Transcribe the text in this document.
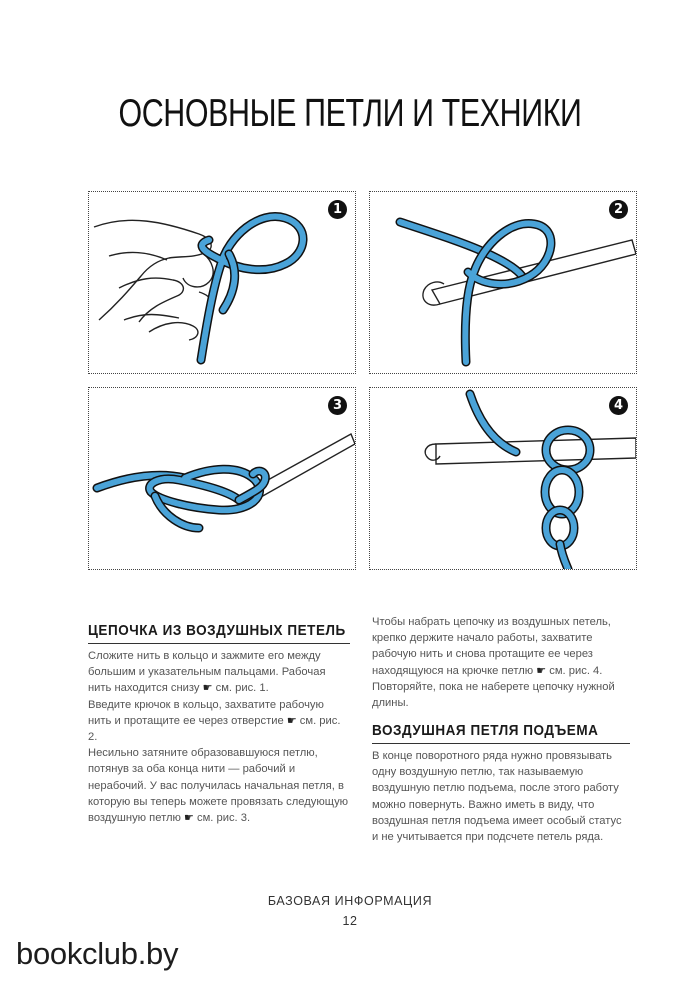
ОСНОВНЫЕ ПЕТЛИ И ТЕХНИКИ
1	2
3	4
ЦЕПОЧКА ИЗ ВОЗДУШНЫХ ПЕТЕЛЬ

Сложите нить в кольцо и зажмите его между большим и указательным пальцами. Рабочая нить находится снизу ☛ см. рис. 1.

Введите крючок в кольцо, захватите рабочую нить и протащите ее через отверстие ☛ см. рис. 2.

Несильно затяните образовавшуюся петлю, потянув за оба конца нити — рабочий и нерабочий. У вас получилась начальная петля, в которую вы теперь можете провязать следующую воздушную петлю ☛ см. рис. 3.

Чтобы набрать цепочку из воздушных петель, крепко держите начало работы, захватите рабочую нить и снова протащите ее через находящуюся на крючке петлю ☛ см. рис. 4. Повторяйте, пока не наберете цепочку нужной длины.

ВОЗДУШНАЯ ПЕТЛЯ ПОДЪЕМА

В конце поворотного ряда нужно провязывать одну воздушную петлю, так называемую воздушную петлю подъема, после этого работу можно повернуть. Важно иметь в виду, что воздушная петля подъема имеет особый статус и не учитывается при подсчете петель ряда.

БАЗОВАЯ ИНФОРМАЦИЯ
12
bookclub.by
